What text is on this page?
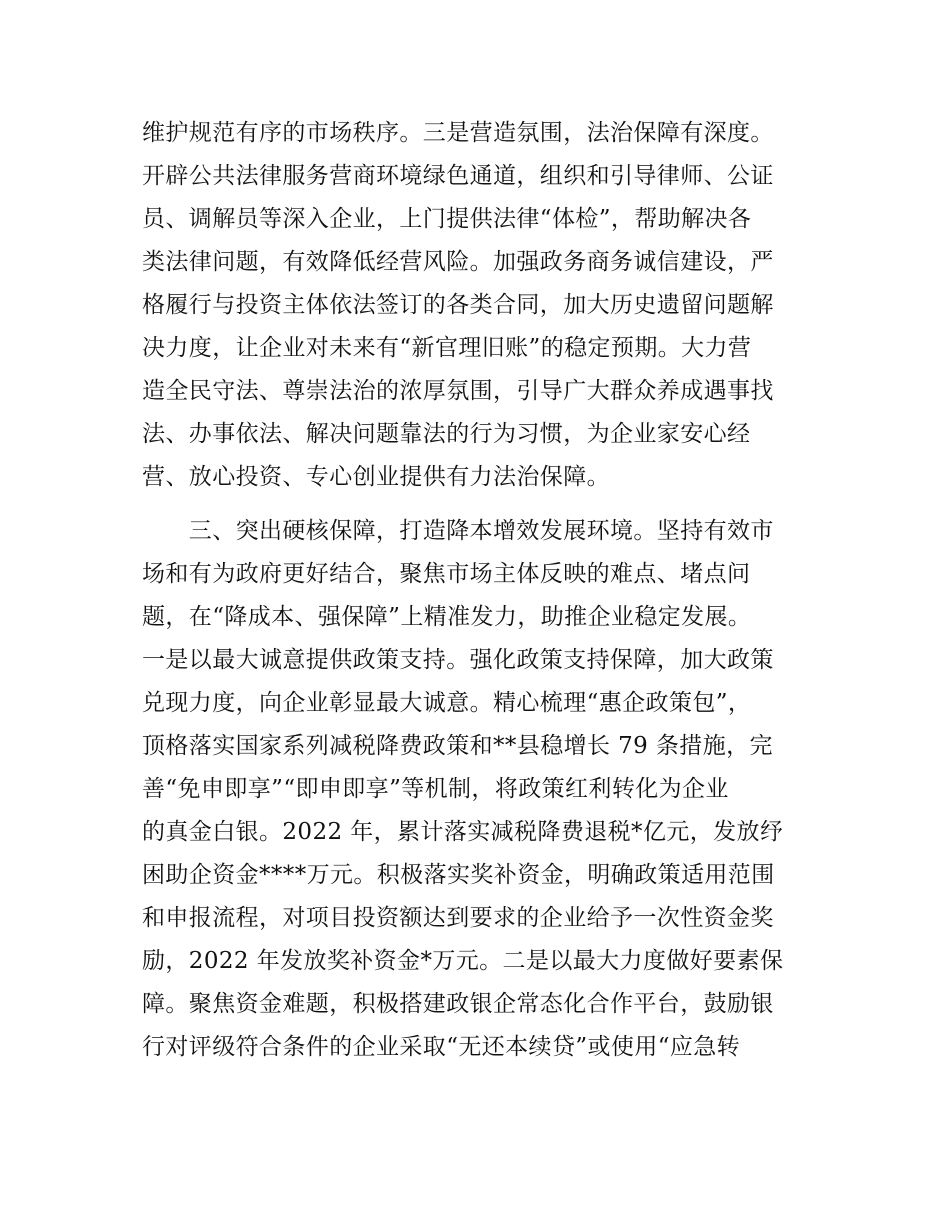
维护规范有序的市场秩序。三是营造氛围，法治保障有深度。
开辟公共法律服务营商环境绿色通道，组织和引导律师、公证
员、调解员等深入企业，上门提供法律“体检”，帮助解决各
类法律问题，有效降低经营风险。加强政务商务诚信建设，严
格履行与投资主体依法签订的各类合同，加大历史遗留问题解
决力度，让企业对未来有“新官理旧账”的稳定预期。大力营
造全民守法、尊崇法治的浓厚氛围，引导广大群众养成遇事找
法、办事依法、解决问题靠法的行为习惯，为企业家安心经
营、放心投资、专心创业提供有力法治保障。
　　三、突出硬核保障，打造降本增效发展环境。坚持有效市
场和有为政府更好结合，聚焦市场主体反映的难点、堵点问
题，在“降成本、强保障”上精准发力，助推企业稳定发展。
一是以最大诚意提供政策支持。强化政策支持保障，加大政策
兑现力度，向企业彰显最大诚意。精心梳理“惠企政策包”，
顶格落实国家系列减税降费政策和**县稳增长 79 条措施，完
善“免申即享”“即申即享”等机制，将政策红利转化为企业
的真金白银。2022 年，累计落实减税降费退税*亿元，发放纾
困助企资金****万元。积极落实奖补资金，明确政策适用范围
和申报流程，对项目投资额达到要求的企业给予一次性资金奖
励，2022 年发放奖补资金*万元。二是以最大力度做好要素保
障。聚焦资金难题，积极搭建政银企常态化合作平台，鼓励银
行对评级符合条件的企业采取“无还本续贷”或使用“应急转
